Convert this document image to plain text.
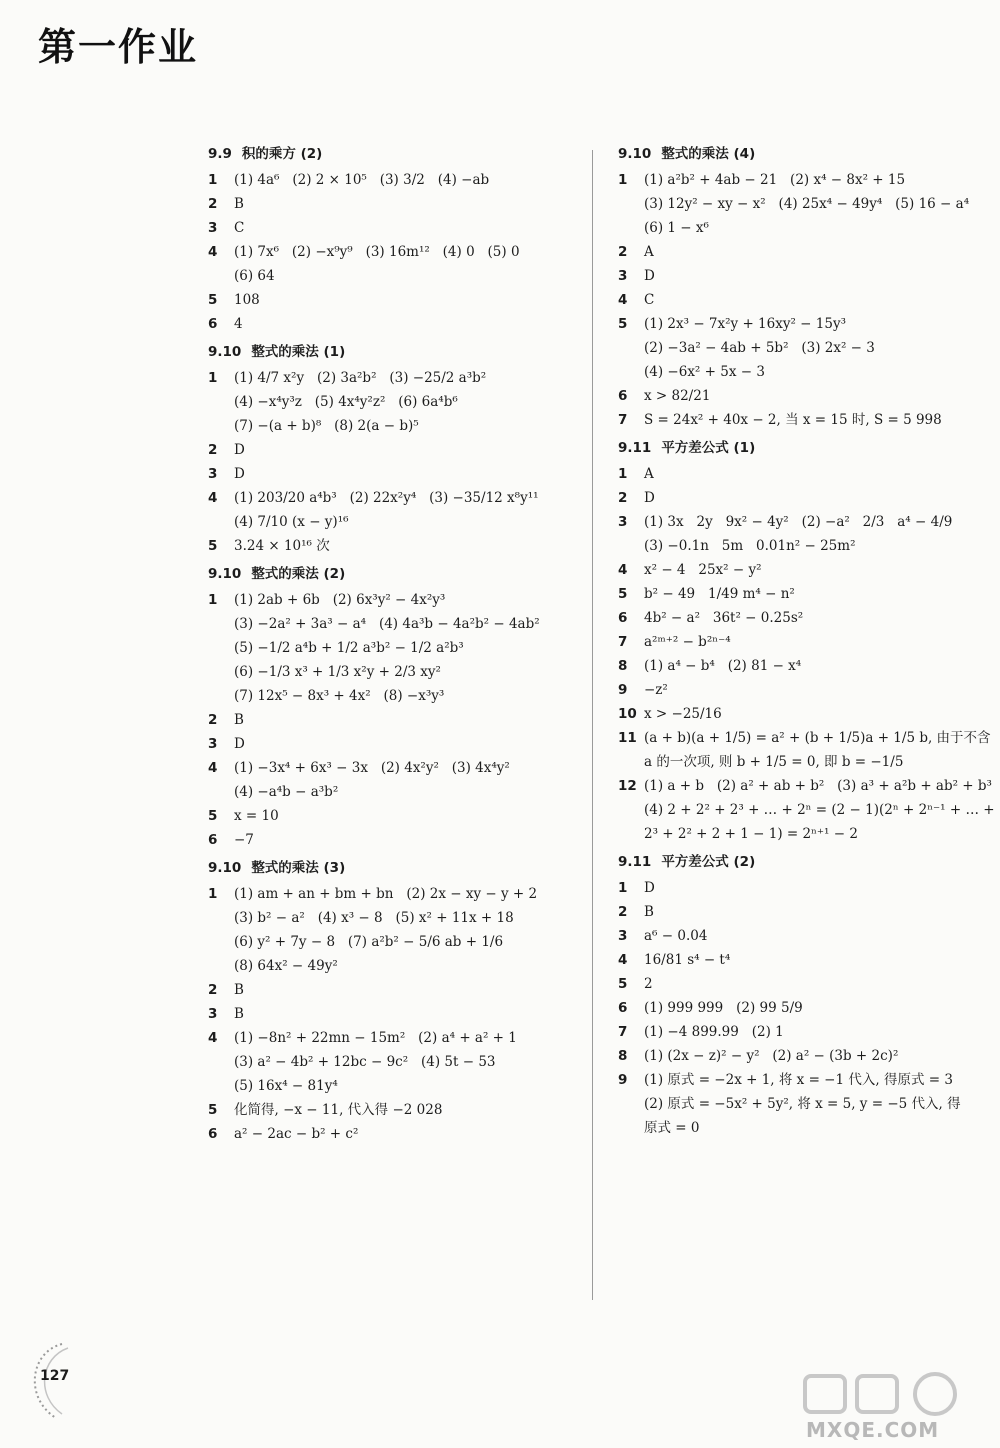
第一作业
9.9 积的乘方 (2)
1	(1) 4a⁶   (2) 2 × 10⁵   (3) 3/2   (4) −ab
2	B
3	C
4	(1) 7x⁶   (2) −x⁹y⁹   (3) 16m¹²   (4) 0   (5) 0
(6) 64
5	108
6	4
9.10 整式的乘法 (1)
1	(1) 4/7 x²y   (2) 3a²b²   (3) −25/2 a³b²
(4) −x⁴y³z   (5) 4x⁴y²z²   (6) 6a⁴b⁶
(7) −(a + b)⁸   (8) 2(a − b)⁵
2	D
3	D
4	(1) 203/20 a⁴b³   (2) 22x²y⁴   (3) −35/12 x⁸y¹¹
(4) 7/10 (x − y)¹⁶
5	3.24 × 10¹⁶ 次
9.10 整式的乘法 (2)
1	(1) 2ab + 6b   (2) 6x³y² − 4x²y³
(3) −2a² + 3a³ − a⁴   (4) 4a³b − 4a²b² − 4ab²
(5) −1/2 a⁴b + 1/2 a³b² − 1/2 a²b³
(6) −1/3 x³ + 1/3 x²y + 2/3 xy²
(7) 12x⁵ − 8x³ + 4x²   (8) −x³y³
2	B
3	D
4	(1) −3x⁴ + 6x³ − 3x   (2) 4x²y²   (3) 4x⁴y²
(4) −a⁴b − a³b²
5	x = 10
6	−7
9.10 整式的乘法 (3)
1	(1) am + an + bm + bn   (2) 2x − xy − y + 2
(3) b² − a²   (4) x³ − 8   (5) x² + 11x + 18
(6) y² + 7y − 8   (7) a²b² − 5/6 ab + 1/6
(8) 64x² − 49y²
2	B
3	B
4	(1) −8n² + 22mn − 15m²   (2) a⁴ + a² + 1
(3) a² − 4b² + 12bc − 9c²   (4) 5t − 53
(5) 16x⁴ − 81y⁴
5	化简得, −x − 11, 代入得 −2 028
6	a² − 2ac − b² + c²
9.10 整式的乘法 (4)
1	(1) a²b² + 4ab − 21   (2) x⁴ − 8x² + 15
(3) 12y² − xy − x²   (4) 25x⁴ − 49y⁴   (5) 16 − a⁴
(6) 1 − x⁶
2	A
3	D
4	C
5	(1) 2x³ − 7x²y + 16xy² − 15y³
(2) −3a² − 4ab + 5b²   (3) 2x² − 3
(4) −6x² + 5x − 3
6	x > 82/21
7	S = 24x² + 40x − 2, 当 x = 15 时, S = 5 998
9.11 平方差公式 (1)
1	A
2	D
3	(1) 3x   2y   9x² − 4y²   (2) −a²   2/3   a⁴ − 4/9
(3) −0.1n   5m   0.01n² − 25m²
4	x² − 4   25x² − y²
5	b² − 49   1/49 m⁴ − n²
6	4b² − a²   36t² − 0.25s²
7	a²ᵐ⁺² − b²ⁿ⁻⁴
8	(1) a⁴ − b⁴   (2) 81 − x⁴
9	−z²
10 x > −25/16
11 (a + b)(a + 1/5) = a² + (b + 1/5)a + 1/5 b, 由于不含
a 的一次项, 则 b + 1/5 = 0, 即 b = −1/5
12 (1) a + b   (2) a² + ab + b²   (3) a³ + a²b + ab² + b³
(4) 2 + 2² + 2³ + … + 2ⁿ = (2 − 1)(2ⁿ + 2ⁿ⁻¹ + … +
2³ + 2² + 2 + 1 − 1) = 2ⁿ⁺¹ − 2
9.11 平方差公式 (2)
1	D
2	B
3	a⁶ − 0.04
4	16/81 s⁴ − t⁴
5	2
6	(1) 999 999   (2) 99 5/9
7	(1) −4 899.99   (2) 1
8	(1) (2x − z)² − y²   (2) a² − (3b + 2c)²
9	(1) 原式 = −2x + 1, 将 x = −1 代入, 得原式 = 3
(2) 原式 = −5x² + 5y², 将 x = 5, y = −5 代入, 得
原式 = 0
127
MXQE.COM
